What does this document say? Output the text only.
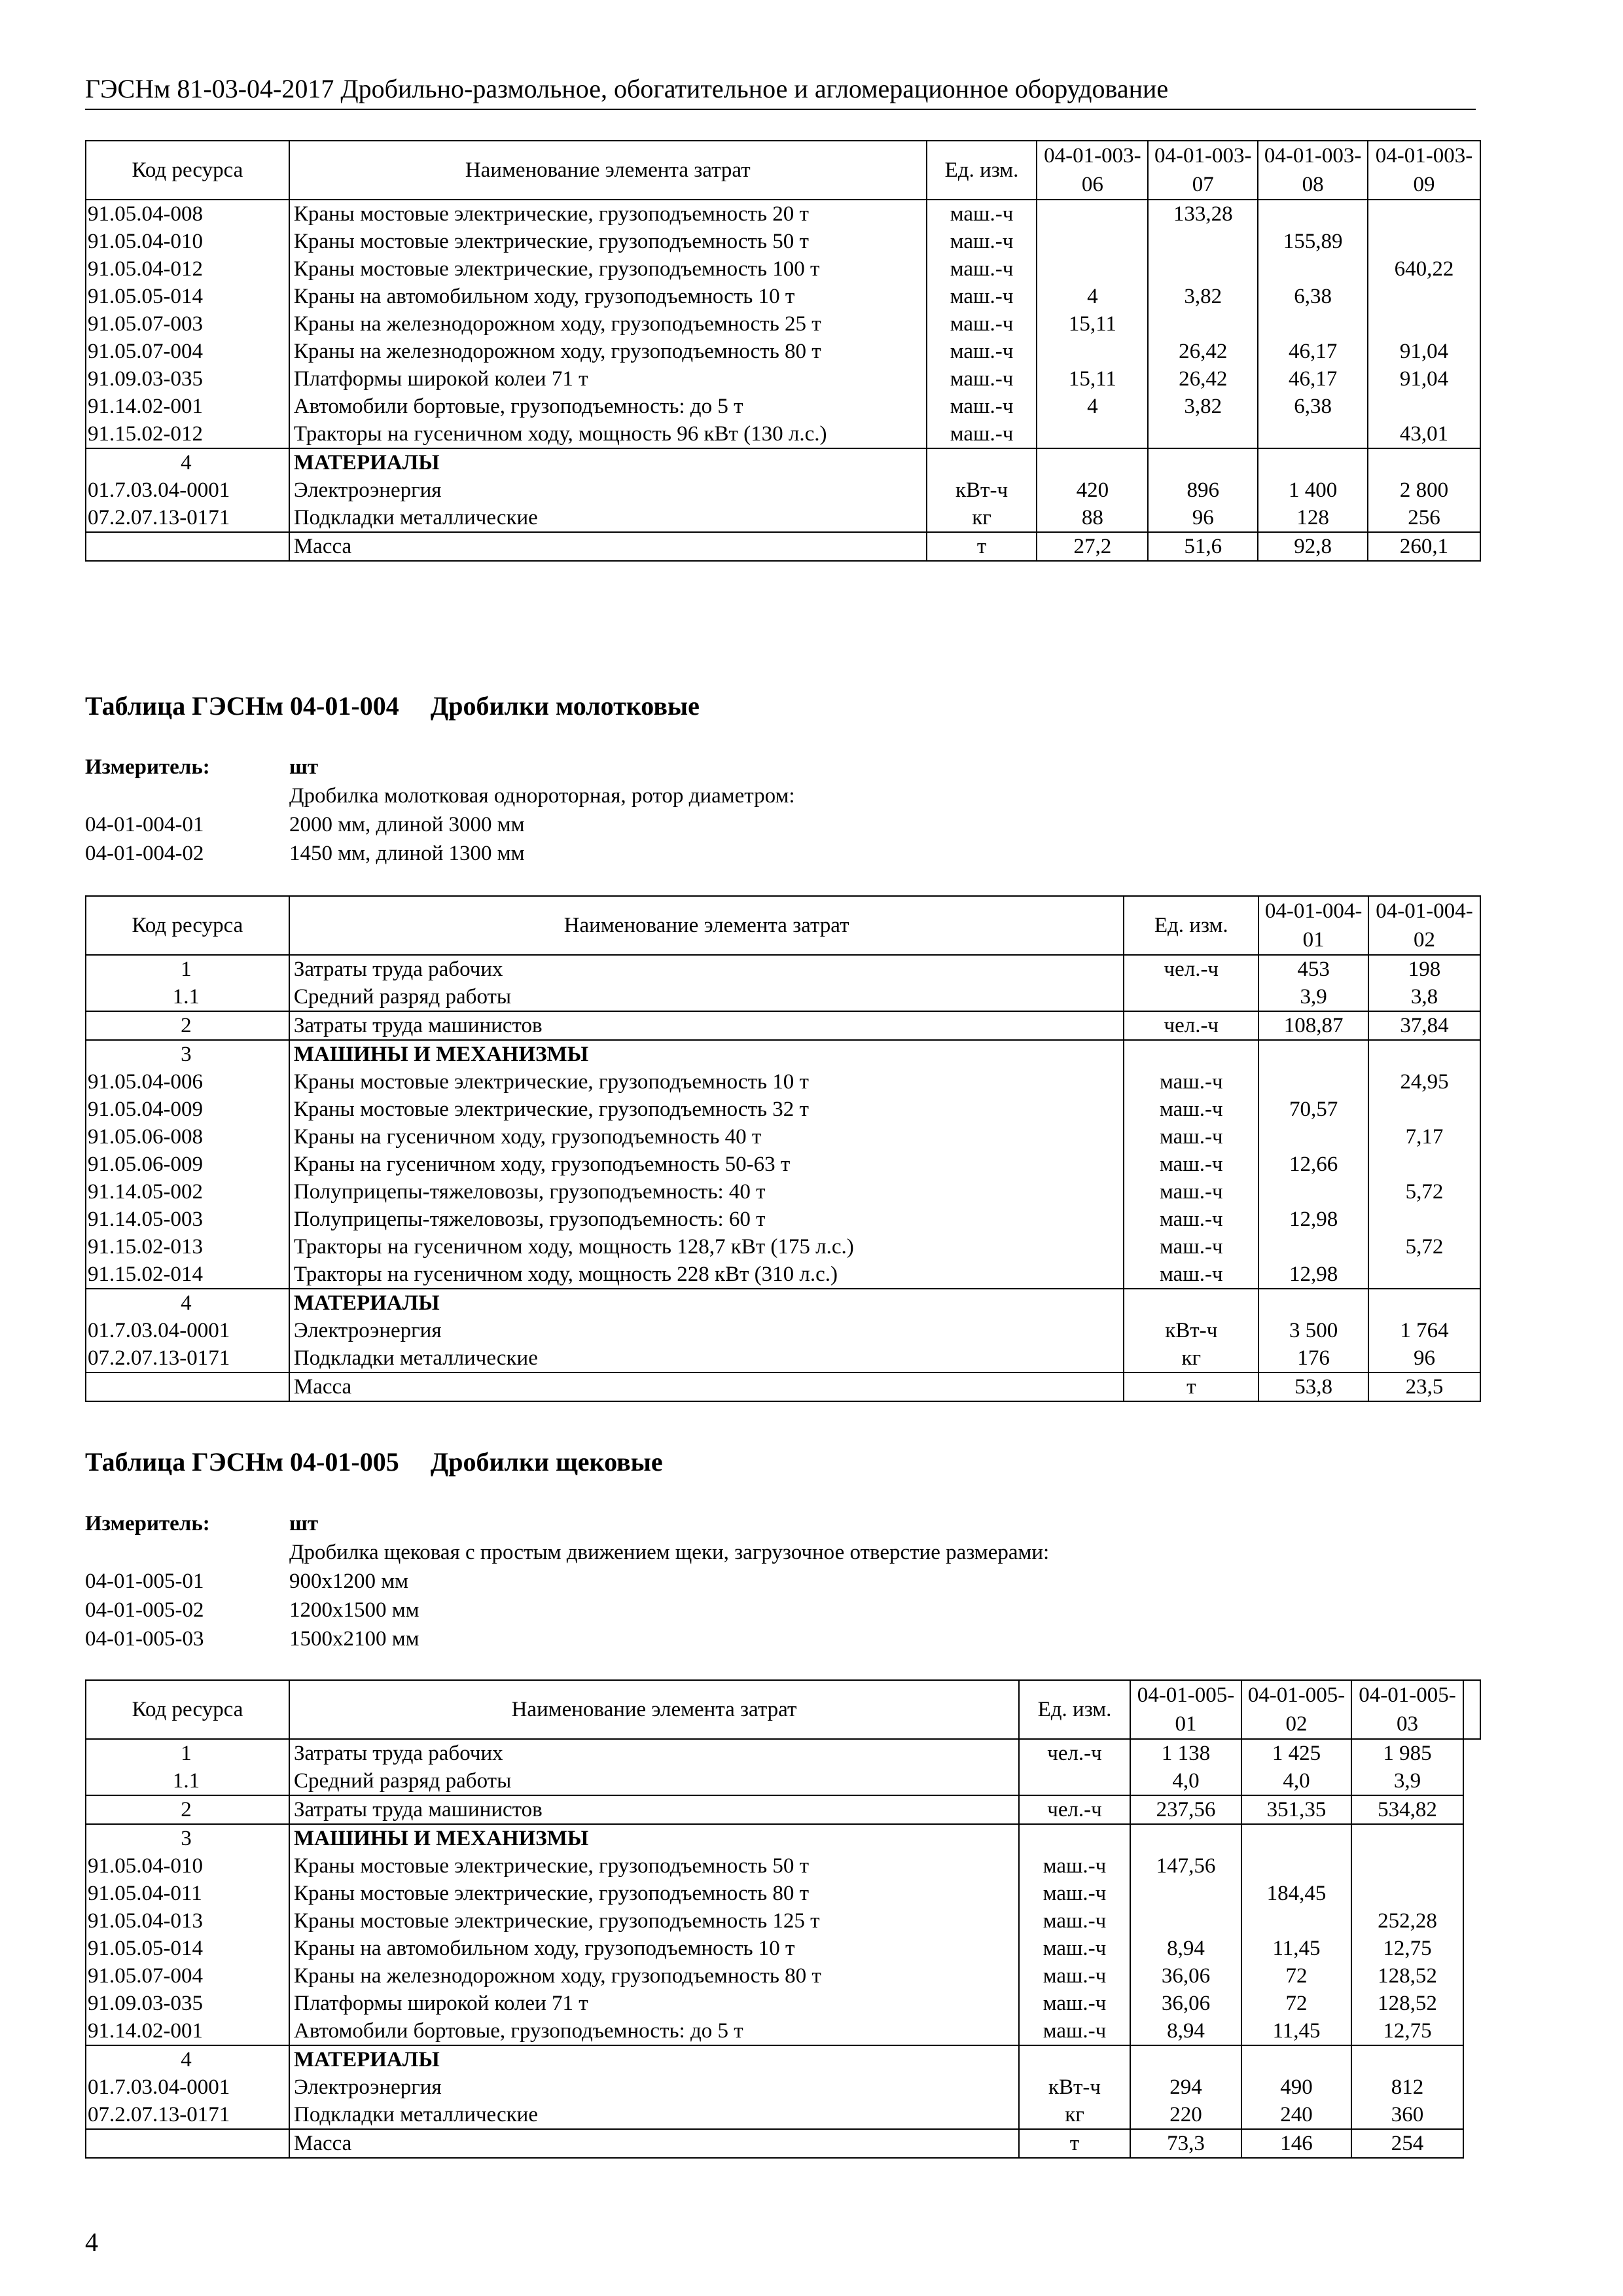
ГЭСНм 81-03-04-2017 Дробильно-размольное, обогатительное и агломерационное оборудование
Код ресурса	Наименование элемента затрат	Ед. изм.	04-01-003-06	04-01-003-07	04-01-003-08	04-01-003-09
91.05.04-008	Краны мостовые электрические, грузоподъемность 20 т	маш.-ч		133,28		
91.05.04-010	Краны мостовые электрические, грузоподъемность 50 т	маш.-ч			155,89	
91.05.04-012	Краны мостовые электрические, грузоподъемность 100 т	маш.-ч				640,22
91.05.05-014	Краны на автомобильном ходу, грузоподъемность 10 т	маш.-ч	4	3,82	6,38	
91.05.07-003	Краны на железнодорожном ходу, грузоподъемность 25 т	маш.-ч	15,11			
91.05.07-004	Краны на железнодорожном ходу, грузоподъемность 80 т	маш.-ч		26,42	46,17	91,04
91.09.03-035	Платформы широкой колеи 71 т	маш.-ч	15,11	26,42	46,17	91,04
91.14.02-001	Автомобили бортовые, грузоподъемность: до 5 т	маш.-ч	4	3,82	6,38	
91.15.02-012	Тракторы на гусеничном ходу, мощность 96 кВт (130 л.с.)	маш.-ч				43,01
4	МАТЕРИАЛЫ					
01.7.03.04-0001	Электроэнергия	кВт-ч	420	896	1 400	2 800
07.2.07.13-0171	Подкладки металлические	кг	88	96	128	256
	Масса	т	27,2	51,6	92,8	260,1
Таблица ГЭСНм 04-01-004 Дробилки молотковые
Измеритель:	шт
Дробилка молотковая однороторная, ротор диаметром:
04-01-004-01	2000 мм, длиной 3000 мм
04-01-004-02	1450 мм, длиной 1300 мм
Код ресурса	Наименование элемента затрат	Ед. изм.	04-01-004-01	04-01-004-02
1	Затраты труда рабочих	чел.-ч	453	198
1.1	Средний разряд работы		3,9	3,8
2	Затраты труда машинистов	чел.-ч	108,87	37,84
3	МАШИНЫ И МЕХАНИЗМЫ			
91.05.04-006	Краны мостовые электрические, грузоподъемность 10 т	маш.-ч		24,95
91.05.04-009	Краны мостовые электрические, грузоподъемность 32 т	маш.-ч	70,57	
91.05.06-008	Краны на гусеничном ходу, грузоподъемность 40 т	маш.-ч		7,17
91.05.06-009	Краны на гусеничном ходу, грузоподъемность 50-63 т	маш.-ч	12,66	
91.14.05-002	Полуприцепы-тяжеловозы, грузоподъемность: 40 т	маш.-ч		5,72
91.14.05-003	Полуприцепы-тяжеловозы, грузоподъемность: 60 т	маш.-ч	12,98	
91.15.02-013	Тракторы на гусеничном ходу, мощность 128,7 кВт (175 л.с.)	маш.-ч		5,72
91.15.02-014	Тракторы на гусеничном ходу, мощность 228 кВт (310 л.с.)	маш.-ч	12,98	
4	МАТЕРИАЛЫ			
01.7.03.04-0001	Электроэнергия	кВт-ч	3 500	1 764
07.2.07.13-0171	Подкладки металлические	кг	176	96
	Масса	т	53,8	23,5
Таблица ГЭСНм 04-01-005 Дробилки щековые
Измеритель:	шт
Дробилка щековая с простым движением щеки, загрузочное отверстие размерами:
04-01-005-01	900x1200 мм
04-01-005-02	1200x1500 мм
04-01-005-03	1500x2100 мм
Код ресурса	Наименование элемента затрат	Ед. изм.	04-01-005-01	04-01-005-02	04-01-005-03	
1	Затраты труда рабочих	чел.-ч	1 138	1 425	1 985	
1.1	Средний разряд работы		4,0	4,0	3,9	
2	Затраты труда машинистов	чел.-ч	237,56	351,35	534,82	
3	МАШИНЫ И МЕХАНИЗМЫ					
91.05.04-010	Краны мостовые электрические, грузоподъемность 50 т	маш.-ч	147,56			
91.05.04-011	Краны мостовые электрические, грузоподъемность 80 т	маш.-ч		184,45		
91.05.04-013	Краны мостовые электрические, грузоподъемность 125 т	маш.-ч			252,28	
91.05.05-014	Краны на автомобильном ходу, грузоподъемность 10 т	маш.-ч	8,94	11,45	12,75	
91.05.07-004	Краны на железнодорожном ходу, грузоподъемность 80 т	маш.-ч	36,06	72	128,52	
91.09.03-035	Платформы широкой колеи 71 т	маш.-ч	36,06	72	128,52	
91.14.02-001	Автомобили бортовые, грузоподъемность: до 5 т	маш.-ч	8,94	11,45	12,75	
4	МАТЕРИАЛЫ					
01.7.03.04-0001	Электроэнергия	кВт-ч	294	490	812	
07.2.07.13-0171	Подкладки металлические	кг	220	240	360	
	Масса	т	73,3	146	254	
4
